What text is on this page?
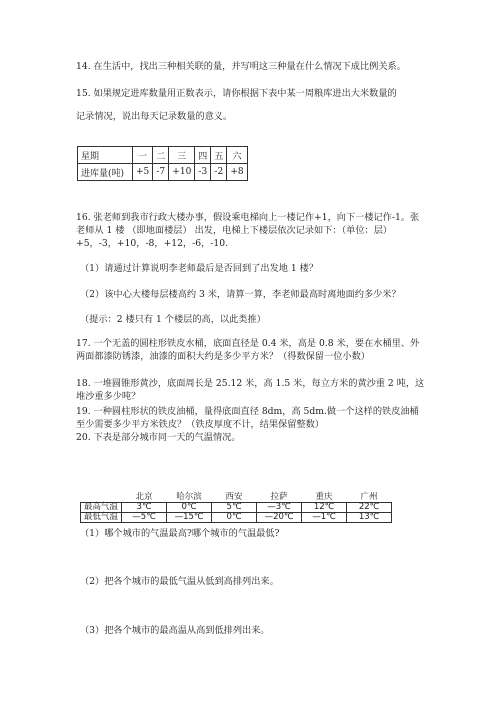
14. 在生活中，找出三种相关联的量，并写明这三种量在什么情况下成比例关系。

15. 如果规定进库数量用正数表示，请你根据下表中某一周粮库进出大米数量的

记录情况，说出每天记录数量的意义。

星期	一	二	三	四	五	六
进库量(吨)	+5	-7	+10	-3	-2	+8

16. 张老师到我市行政大楼办事，假设乘电梯向上一楼记作+1，向下一楼记作-1。张老师从 1 楼 （即地面楼层） 出发，电梯上下楼层依次记录如下：（单位：层）+5，-3，+10，-8，+12，-6，-10.

（1）请通过计算说明李老师最后是否回到了出发地 1 楼？

（2）该中心大楼每层楼高约 3 米，请算一算，李老师最高时离地面约多少米？

（提示：2 楼只有 1 个楼层的高，以此类推）

17. 一个无盖的圆柱形铁皮水桶，底面直径是 0.4 米，高是 0.8 米，要在水桶里、外两面都漆防锈漆，油漆的面积大约是多少平方米？（得数保留一位小数）

18. 一堆圆锥形黄沙，底面周长是 25.12 米，高 1.5 米，每立方米的黄沙重 2 吨，这堆沙重多少吨？

19. 一种圆柱形状的铁皮油桶，量得底面直径 8dm，高 5dm.做一个这样的铁皮油桶至少需要多少平方米铁皮？（铁皮厚度不计，结果保留整数）

20. 下表是部分城市同一天的气温情况。

	北京	哈尔滨	西安	拉萨	重庆	广州
最高气温	3℃	0℃	5℃	—3℃	12℃	22℃
最低气温	—5℃	—15℃	0℃	—20℃	—1℃	13℃

（1）哪个城市的气温最高?哪个城市的气温最低?

（2）把各个城市的最低气温从低到高排列出来。

（3）把各个城市的最高温从高到低排列出来。
